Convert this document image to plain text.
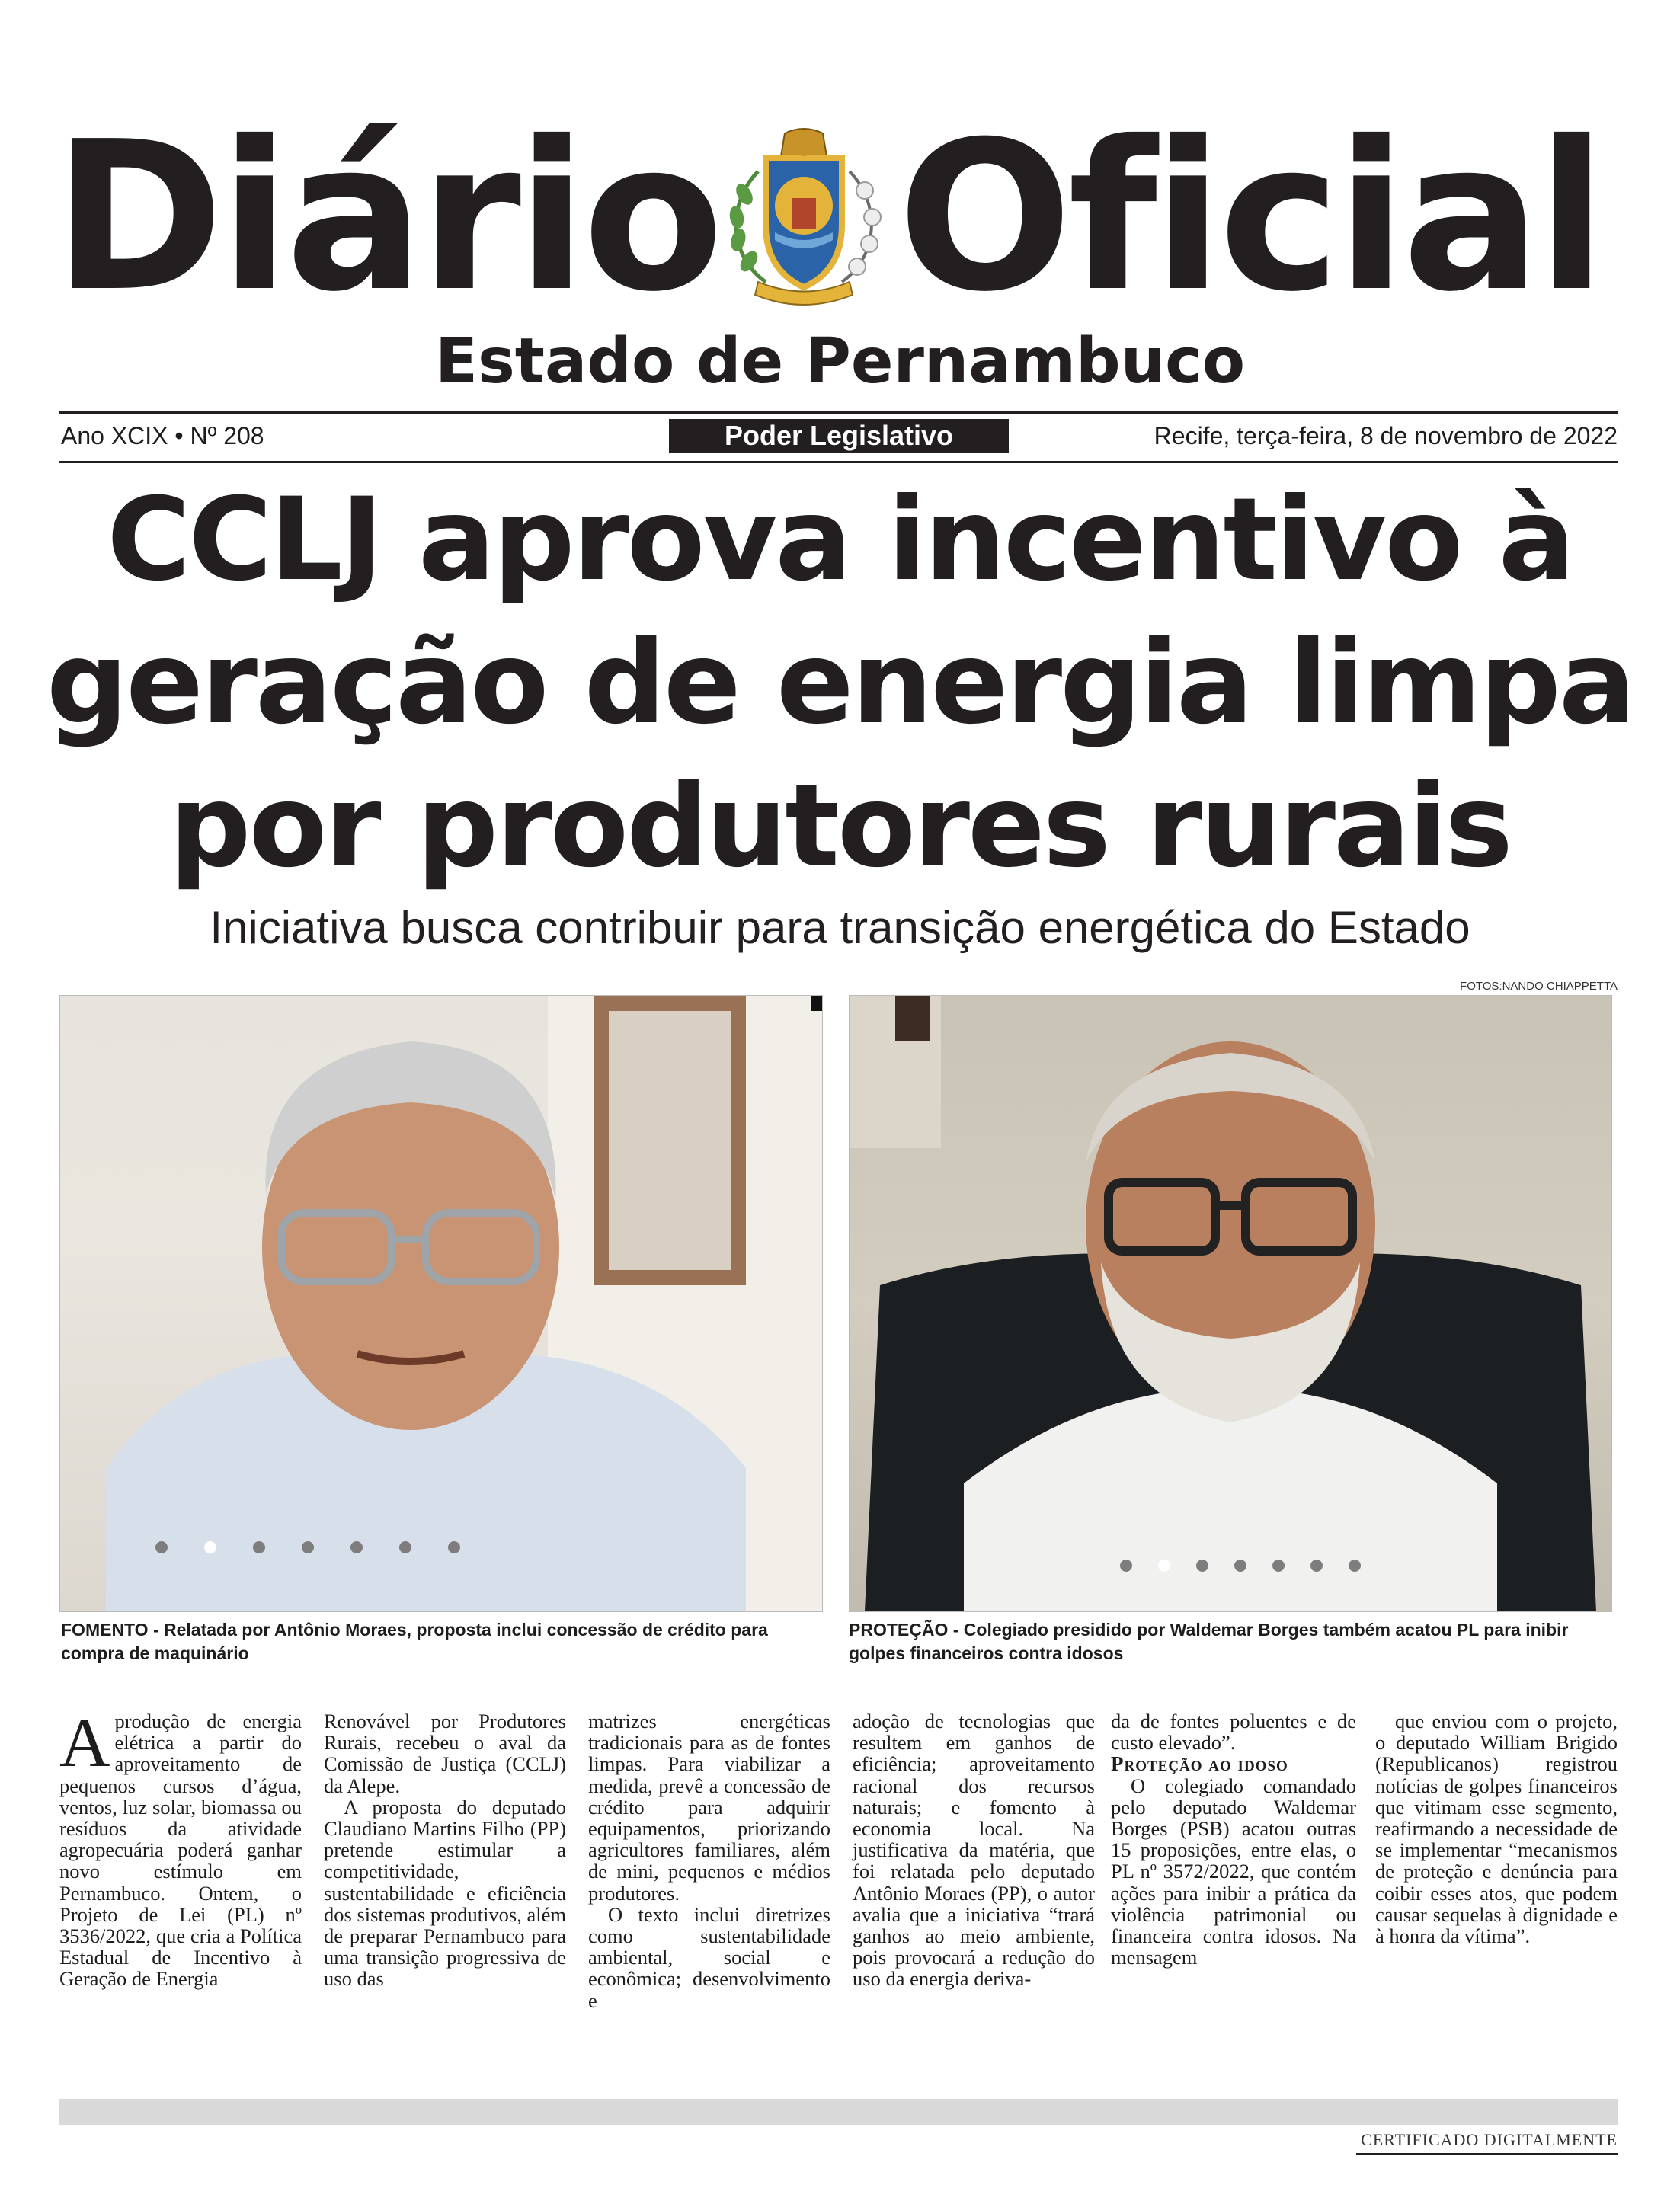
Diário Oficial
Estado de Pernambuco
Ano XCIX • Nº 208	Poder Legislativo	Recife, terça-feira, 8 de novembro de 2022
CCLJ aprova incentivo à
geração de energia limpa
por produtores rurais
Iniciativa busca contribuir para transição energética do Estado
FOTOS:NANDO CHIAPPETTA
FOMENTO - Relatada por Antônio Moraes, proposta inclui concessão de crédito para compra de maquinário
PROTEÇÃO - Colegiado presidido por Waldemar Borges também acatou PL para inibir golpes financeiros contra idosos

A produção de energia elétrica a partir do aproveitamento de pequenos cursos d’água, ventos, luz solar, biomassa ou resíduos da atividade agropecuária poderá ganhar novo estímulo em Pernambuco. Ontem, o Projeto de Lei (PL) nº 3536/2022, que cria a Política Estadual de Incentivo à Geração de Energia

Renovável por Produtores Rurais, recebeu o aval da Comissão de Justiça (CCLJ) da Alepe.

A proposta do deputado Claudiano Martins Filho (PP) pretende estimular a competitividade, sustentabilidade e eficiência dos sistemas produtivos, além de preparar Pernambuco para uma transição progressiva de uso das

matrizes energéticas tradicionais para as de fontes limpas. Para viabilizar a medida, prevê a concessão de crédito para adquirir equipamentos, priorizando agricultores familiares, além de mini, pequenos e médios produtores.

O texto inclui diretrizes como sustentabilidade ambiental, social e econômica; desenvolvimento e

adoção de tecnologias que resultem em ganhos de eficiência; aproveitamento racional dos recursos naturais; e fomento à economia local. Na justificativa da matéria, que foi relatada pelo deputado Antônio Moraes (PP), o autor avalia que a iniciativa “trará ganhos ao meio ambiente, pois provocará a redução do uso da energia deriva-

da de fontes poluentes e de custo elevado”.

Proteção ao idoso

O colegiado comandado pelo deputado Waldemar Borges (PSB) acatou outras 15 proposições, entre elas, o PL nº 3572/2022, que contém ações para inibir a prática da violência patrimonial ou financeira contra idosos. Na mensagem

que enviou com o projeto, o deputado William Brigido (Republicanos) registrou notícias de golpes financeiros que vitimam esse segmento, reafirmando a necessidade de se implementar “mecanismos de proteção e denúncia para coibir esses atos, que podem causar sequelas à dignidade e à honra da vítima”.

CERTIFICADO DIGITALMENTE
